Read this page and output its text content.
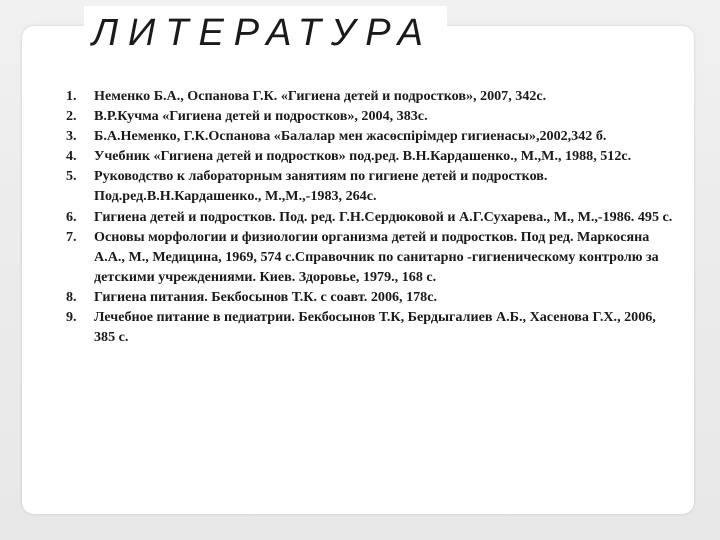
ЛИТЕРАТУРА
1. Неменко Б.А., Оспанова Г.К. «Гигиена детей и подростков», 2007, 342с.
2. В.Р.Кучма «Гигиена детей и подростков», 2004, 383с.
3. Б.А.Неменко, Г.К.Оспанова «Балалар мен жасөспірімдер гигиенасы»,2002,342 б.
4. Учебник «Гигиена детей и подростков» под.ред. В.Н.Кардашенко., М.,М., 1988, 512с.
5. Руководство к лабораторным занятиям по гигиене детей и подростков. Под.ред.В.Н.Кардашенко., М.,М.,-1983, 264с.
6. Гигиена детей и подростков. Под. ред. Г.Н.Сердюковой и А.Г.Сухарева., М., М.,-1986. 495 с.
7. Основы морфологии и физиологии организма детей и подростков. Под ред. Маркосяна А.А., М., Медицина, 1969, 574 с.Справочник по санитарно -гигиеническому контролю за детскими учреждениями. Киев. Здоровье, 1979., 168 с.
8. Гигиена питания. Бекбосынов Т.К. с соавт. 2006, 178с.
9. Лечебное питание в педиатрии. Бекбосынов Т.К, Бердыгалиев А.Б., Хасенова Г.Х., 2006, 385 с.
